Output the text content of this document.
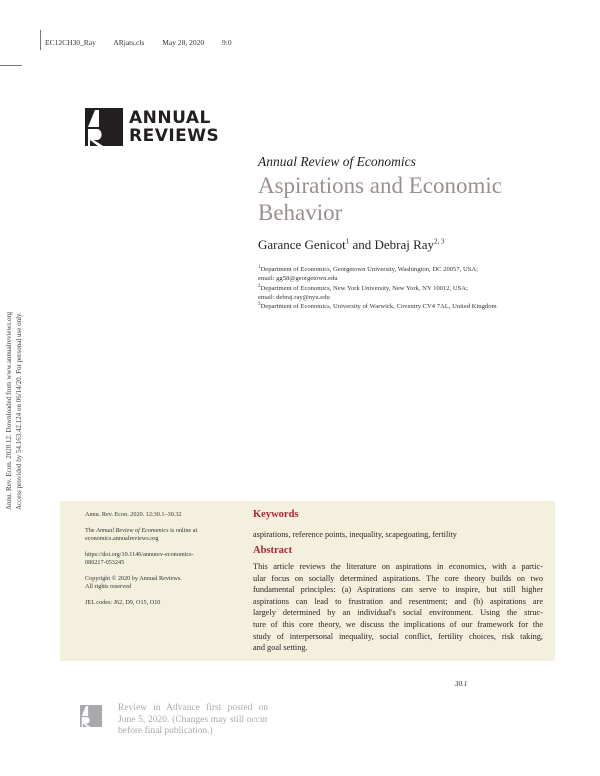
EC12CH30_Ray ARjats.cls May 28, 2020 9:0
ANNUAL
REVIEWS
Annu. Rev. Econ. 2020.12. Downloaded from www.annualreviews.org Access provided by 54.163.42.124 on 06/14/20. For personal use only.
Annual Review of Economics
Aspirations and Economic
Behavior
Garance Genicot$^1$ and Debraj Ray$^{2, 3}$
$^1$Department of Economics, Georgetown University, Washington, DC 20057, USA;
email: gg58@georgetown.edu
$^2$Department of Economics, New York University, New York, NY 10012, USA;
email: debraj.ray@nyu.edu
$^3$Department of Economics, University of Warwick, Coventry CV4 7AL, United Kingdom

Annu. Rev. Econ. 2020. 12:30.1–30.32

The Annual Review of Economics is online at
economics.annualreviews.org

https://doi.org/10.1146/annurev-economics-
080217-053245

Copyright © 2020 by Annual Reviews.
All rights reserved

JEL codes: J62, D9, O15, O10

Keywords
aspirations, reference points, inequality, scapegoating, fertility
Abstract
This article reviews the literature on aspirations in economics, with a partic-
ular focus on socially determined aspirations. The core theory builds on two
fundamental principles: (a) Aspirations can serve to inspire, but still higher
aspirations can lead to frustration and resentment; and (b) aspirations are
largely determined by an individual's social environment. Using the struc-
ture of this core theory, we discuss the implications of our framework for the
study of interpersonal inequality, social conflict, fertility choices, risk taking,
and goal setting.
30.1
Review in Advance first posted on June 5, 2020. (Changes may still occur before final publication.)
